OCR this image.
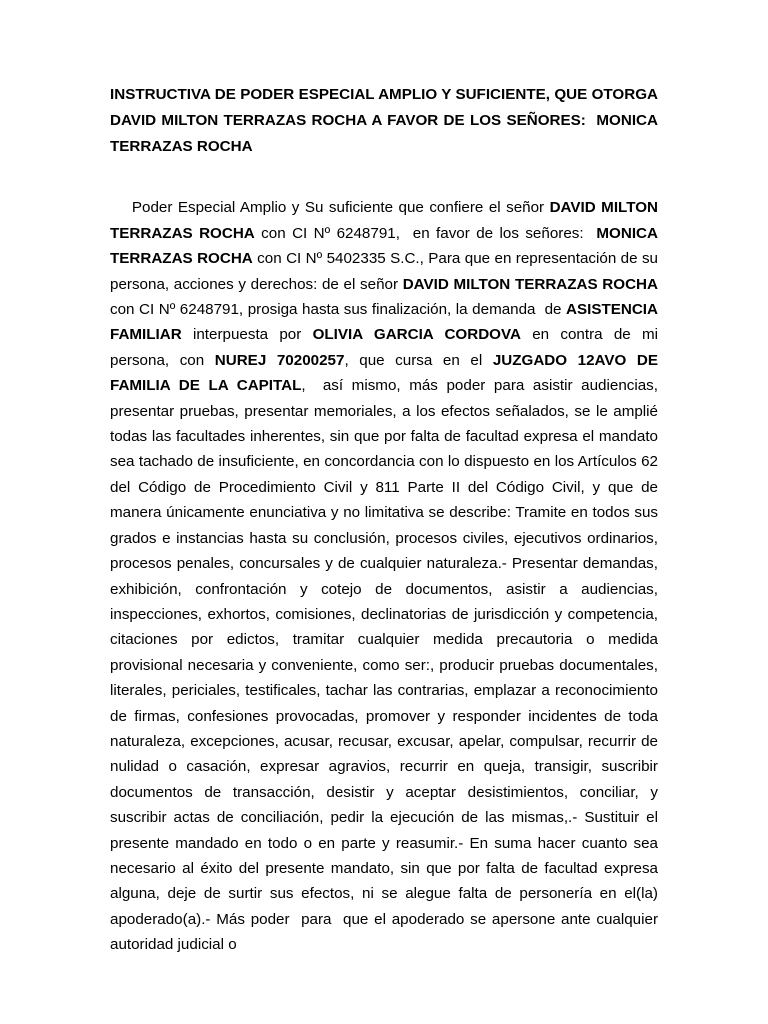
INSTRUCTIVA DE PODER ESPECIAL AMPLIO Y SUFICIENTE, QUE OTORGA DAVID MILTON TERRAZAS ROCHA A FAVOR DE LOS SEÑORES:  MONICA TERRAZAS ROCHA

Poder Especial Amplio y Su suficiente que confiere el señor DAVID MILTON TERRAZAS ROCHA con CI Nº 6248791,  en favor de los señores:  MONICA TERRAZAS ROCHA con CI Nº 5402335 S.C., Para que en representación de su persona, acciones y derechos: de el señor DAVID MILTON TERRAZAS ROCHA con CI Nº 6248791, prosiga hasta sus finalización, la demanda  de ASISTENCIA FAMILIAR interpuesta por OLIVIA GARCIA CORDOVA en contra de mi persona, con NUREJ 70200257, que cursa en el JUZGADO 12AVO DE FAMILIA DE LA CAPITAL,  así mismo, más poder para asistir audiencias, presentar pruebas, presentar memoriales, a los efectos señalados, se le amplié todas las facultades inherentes, sin que por falta de facultad expresa el mandato sea tachado de insuficiente, en concordancia con lo dispuesto en los Artículos 62 del Código de Procedimiento Civil y 811 Parte II del Código Civil, y que de manera únicamente enunciativa y no limitativa se describe: Tramite en todos sus grados e instancias hasta su conclusión, procesos civiles, ejecutivos ordinarios, procesos penales, concursales y de cualquier naturaleza.- Presentar demandas, exhibición, confrontación y cotejo de documentos, asistir a audiencias, inspecciones, exhortos, comisiones, declinatorias de jurisdicción y competencia, citaciones por edictos, tramitar cualquier medida precautoria o medida provisional necesaria y conveniente, como ser:, producir pruebas documentales, literales, periciales, testificales, tachar las contrarias, emplazar a reconocimiento de firmas, confesiones provocadas, promover y responder incidentes de toda naturaleza, excepciones, acusar, recusar, excusar, apelar, compulsar, recurrir de nulidad o casación, expresar agravios, recurrir en queja, transigir, suscribir documentos de transacción, desistir y aceptar desistimientos, conciliar, y suscribir actas de conciliación, pedir la ejecución de las mismas,.- Sustituir el presente mandado en todo o en parte y reasumir.- En suma hacer cuanto sea necesario al éxito del presente mandato, sin que por falta de facultad expresa alguna, deje de surtir sus efectos, ni se alegue falta de personería en el(la) apoderado(a).- Más poder  para  que el apoderado se apersone ante cualquier autoridad judicial o
